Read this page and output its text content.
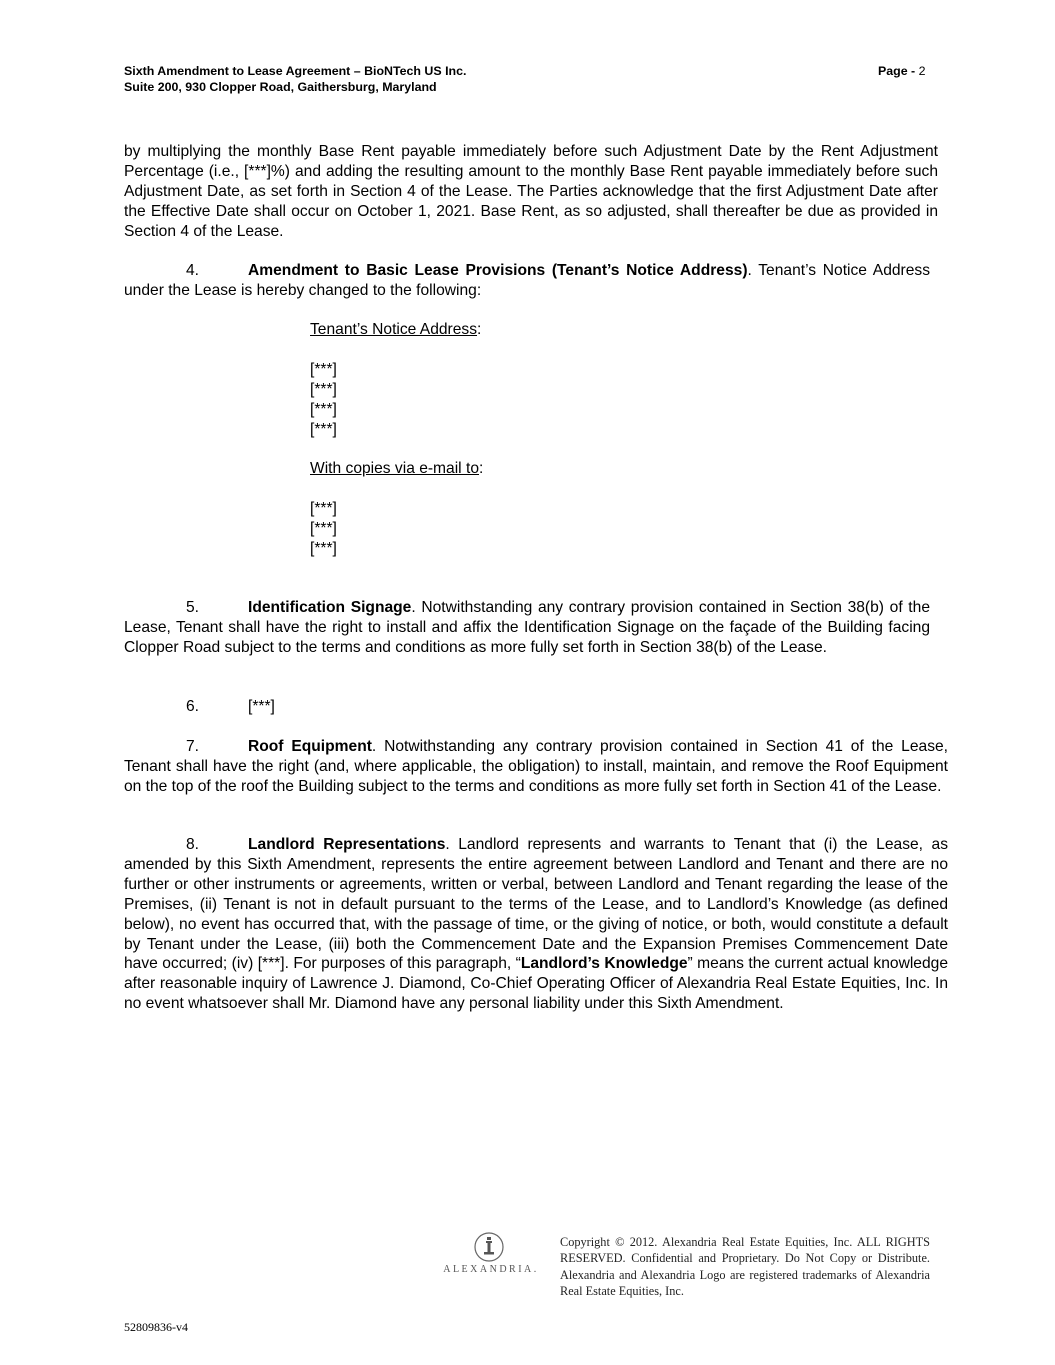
Sixth Amendment to Lease Agreement – BioNTech US Inc.
Suite 200, 930 Clopper Road, Gaithersburg, Maryland
Page - 2
by multiplying the monthly Base Rent payable immediately before such Adjustment Date by the Rent Adjustment Percentage (i.e., [***]%) and adding the resulting amount to the monthly Base Rent payable immediately before such Adjustment Date, as set forth in Section 4 of the Lease. The Parties acknowledge that the first Adjustment Date after the Effective Date shall occur on October 1, 2021. Base Rent, as so adjusted, shall thereafter be due as provided in Section 4 of the Lease.
4.	Amendment to Basic Lease Provisions (Tenant’s Notice Address). Tenant’s Notice Address under the Lease is hereby changed to the following:
Tenant’s Notice Address:
[***]
[***]
[***]
[***]
With copies via e-mail to:
[***]
[***]
[***]
5.	Identification Signage. Notwithstanding any contrary provision contained in Section 38(b) of the Lease, Tenant shall have the right to install and affix the Identification Signage on the façade of the Building facing Clopper Road subject to the terms and conditions as more fully set forth in Section 38(b) of the Lease.
6.	[***]
7.	Roof Equipment. Notwithstanding any contrary provision contained in Section 41 of the Lease, Tenant shall have the right (and, where applicable, the obligation) to install, maintain, and remove the Roof Equipment on the top of the roof the Building subject to the terms and conditions as more fully set forth in Section 41 of the Lease.
8.	Landlord Representations. Landlord represents and warrants to Tenant that (i) the Lease, as amended by this Sixth Amendment, represents the entire agreement between Landlord and Tenant and there are no further or other instruments or agreements, written or verbal, between Landlord and Tenant regarding the lease of the Premises, (ii) Tenant is not in default pursuant to the terms of the Lease, and to Landlord’s Knowledge (as defined below), no event has occurred that, with the passage of time, or the giving of notice, or both, would constitute a default by Tenant under the Lease, (iii) both the Commencement Date and the Expansion Premises Commencement Date have occurred; (iv) [***]. For purposes of this paragraph, “Landlord’s Knowledge” means the current actual knowledge after reasonable inquiry of Lawrence J. Diamond, Co-Chief Operating Officer of Alexandria Real Estate Equities, Inc. In no event whatsoever shall Mr. Diamond have any personal liability under this Sixth Amendment.
ALEXANDRIA.
Copyright © 2012. Alexandria Real Estate Equities, Inc. ALL RIGHTS RESERVED. Confidential and Proprietary. Do Not Copy or Distribute. Alexandria and Alexandria Logo are registered trademarks of Alexandria Real Estate Equities, Inc.
52809836-v4
